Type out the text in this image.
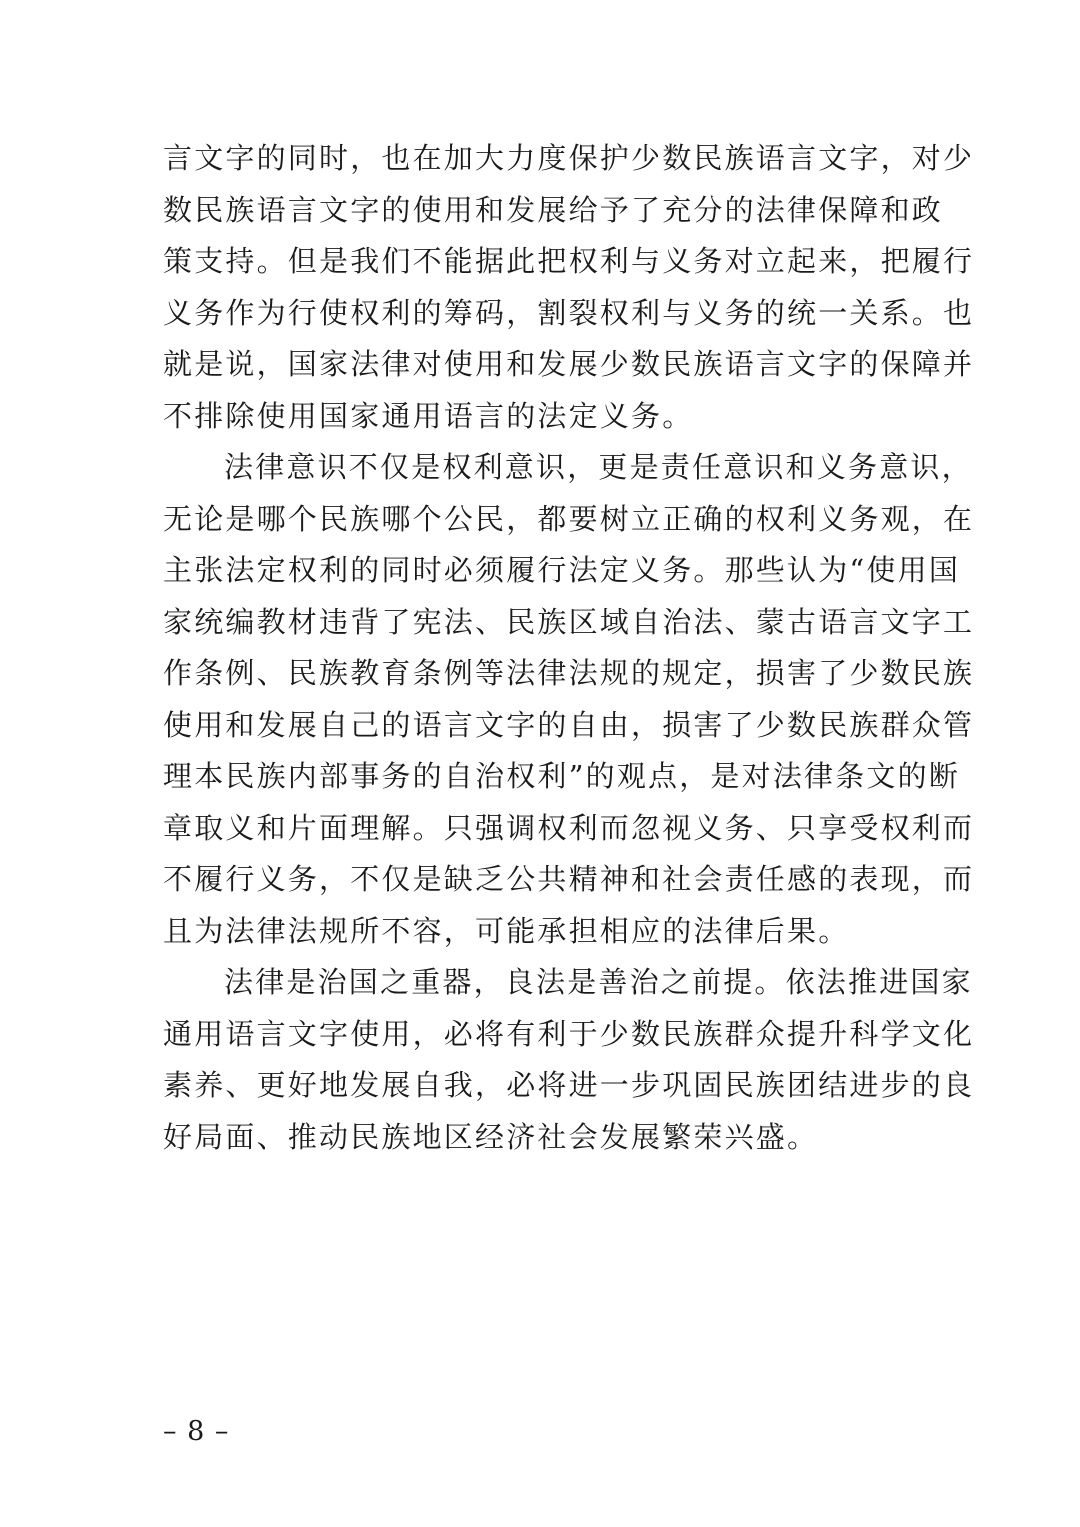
言文字的同时，也在加大力度保护少数民族语言文字，对少
数民族语言文字的使用和发展给予了充分的法律保障和政
策支持。但是我们不能据此把权利与义务对立起来，把履行
义务作为行使权利的筹码，割裂权利与义务的统一关系。也
就是说，国家法律对使用和发展少数民族语言文字的保障并
不排除使用国家通用语言的法定义务。
法律意识不仅是权利意识，更是责任意识和义务意识，
无论是哪个民族哪个公民，都要树立正确的权利义务观，在
主张法定权利的同时必须履行法定义务。那些认为“使用国
家统编教材违背了宪法、民族区域自治法、蒙古语言文字工
作条例、民族教育条例等法律法规的规定，损害了少数民族
使用和发展自己的语言文字的自由，损害了少数民族群众管
理本民族内部事务的自治权利”的观点，是对法律条文的断
章取义和片面理解。只强调权利而忽视义务、只享受权利而
不履行义务，不仅是缺乏公共精神和社会责任感的表现，而
且为法律法规所不容，可能承担相应的法律后果。
法律是治国之重器，良法是善治之前提。依法推进国家
通用语言文字使用，必将有利于少数民族群众提升科学文化
素养、更好地发展自我，必将进一步巩固民族团结进步的良
好局面、推动民族地区经济社会发展繁荣兴盛。
– 8 –
